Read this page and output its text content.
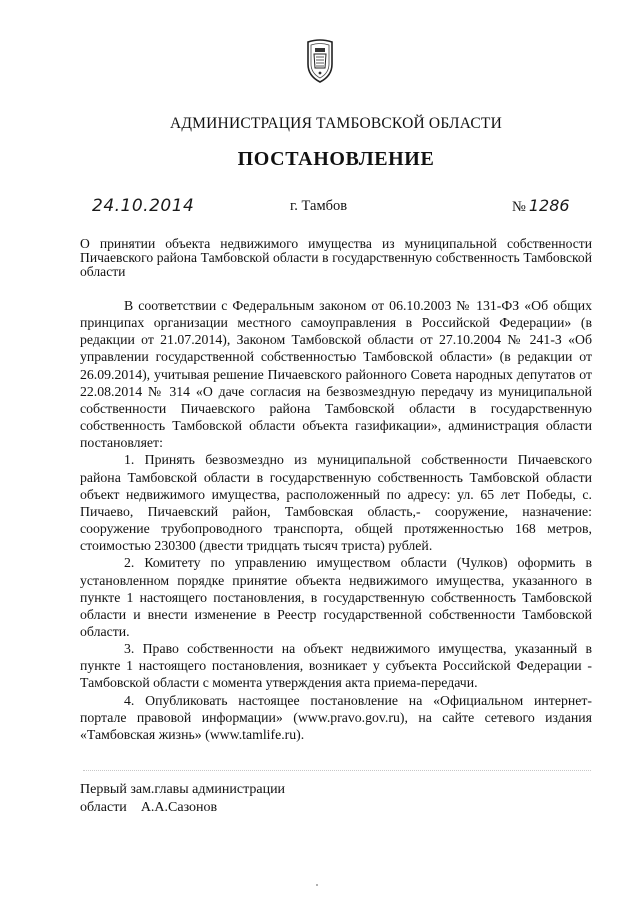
АДМИНИСТРАЦИЯ ТАМБОВСКОЙ ОБЛАСТИ
ПОСТАНОВЛЕНИЕ
24.10.2014	г. Тамбов	№ 1286
О принятии объекта недвижимого имущества из муниципальной собственности Пичаевского района Тамбовской области в государственную собственность Тамбовской области

В соответствии с Федеральным законом от 06.10.2003 № 131-ФЗ «Об общих принципах организации местного самоуправления в Российской Федерации» (в редакции от 21.07.2014), Законом Тамбовской области от 27.10.2004 № 241-З «Об управлении государственной собственностью Тамбовской области» (в редакции от 26.09.2014), учитывая решение Пичаевского районного Совета народных депутатов от 22.08.2014 № 314 «О даче согласия на безвозмездную передачу из муниципальной собственности Пичаевского района Тамбовской области в государственную собственность Тамбовской области объекта газификации», администрация области постановляет:

1. Принять безвозмездно из муниципальной собственности Пичаевского района Тамбовской области в государственную собственность Тамбовской области объект недвижимого имущества, расположенный по адресу: ул. 65 лет Победы, с. Пичаево, Пичаевский район, Тамбовская область,- сооружение, назначение: сооружение трубопроводного транспорта, общей протяженностью 168 метров, стоимостью 230300 (двести тридцать тысяч триста) рублей.

2. Комитету по управлению имуществом области (Чулков) оформить в установленном порядке принятие объекта недвижимого имущества, указанного в пункте 1 настоящего постановления, в государственную собственность Тамбовской области и внести изменение в Реестр государственной собственности Тамбовской области.

3. Право собственности на объект недвижимого имущества, указанный в пункте 1 настоящего постановления, возникает у субъекта Российской Федерации - Тамбовской области с момента утверждения акта приема-передачи.

4. Опубликовать настоящее постановление на «Официальном интернет-портале правовой информации» (www.pravo.gov.ru), на сайте сетевого издания «Тамбовская жизнь» (www.tamlife.ru).

Первый зам.главы администрации
области А.А.Сазонов
